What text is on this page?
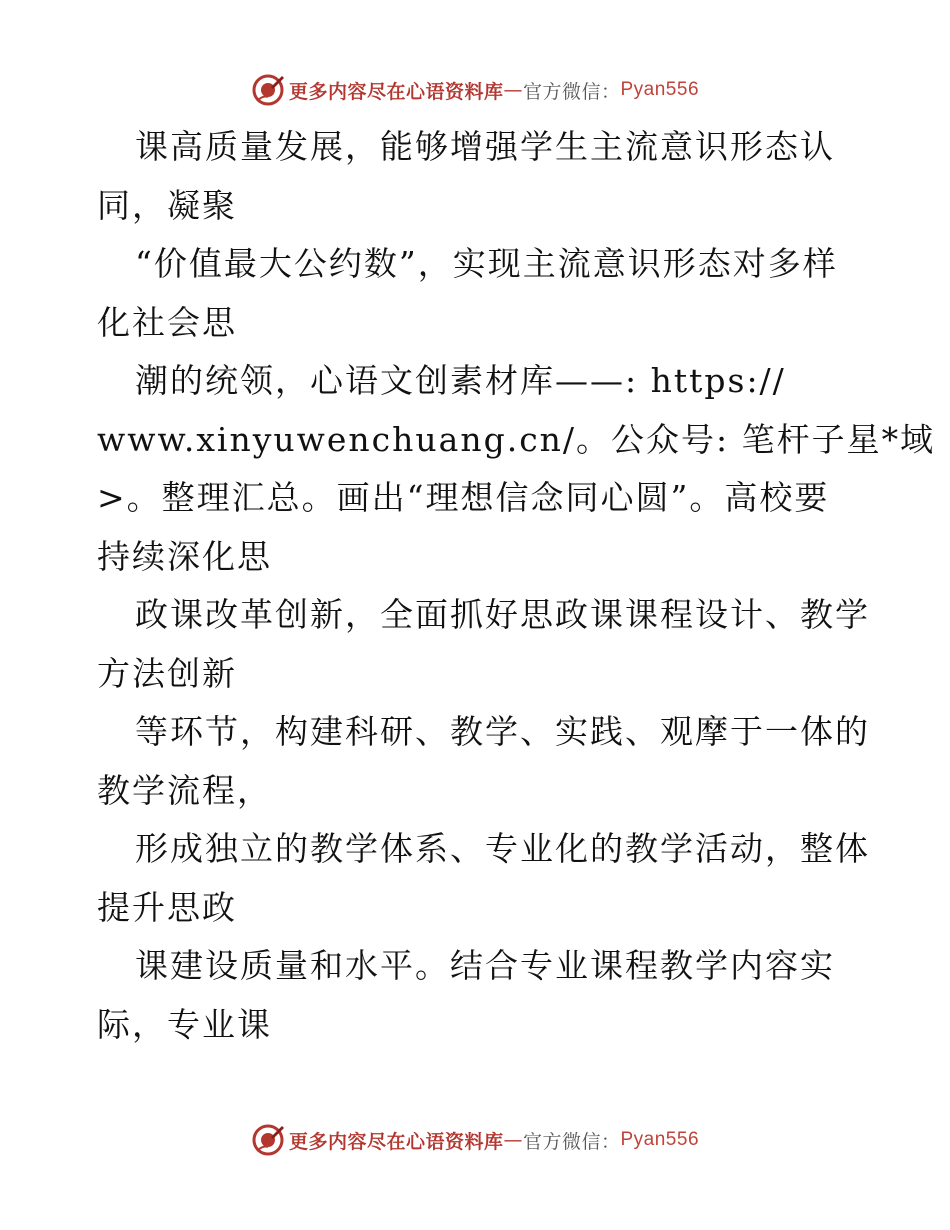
更多内容尽在心语资料库 — 官方微信： Pyan556
课高质量发展，能够增强学生主流意识形态认
同，凝聚
“价值最大公约数”，实现主流意识形态对多样
化社会思
潮的统领，心语文创素材库——: https://
www.xinyuwenchuang.cn/。公众号: 笔杆子星*域
>。整理汇总。画出“理想信念同心圆”。高校要
持续深化思
政课改革创新，全面抓好思政课课程设计、教学
方法创新
等环节，构建科研、教学、实践、观摩于一体的
教学流程，
形成独立的教学体系、专业化的教学活动，整体
提升思政
课建设质量和水平。结合专业课程教学内容实
际，专业课
更多内容尽在心语资料库 — 官方微信： Pyan556
